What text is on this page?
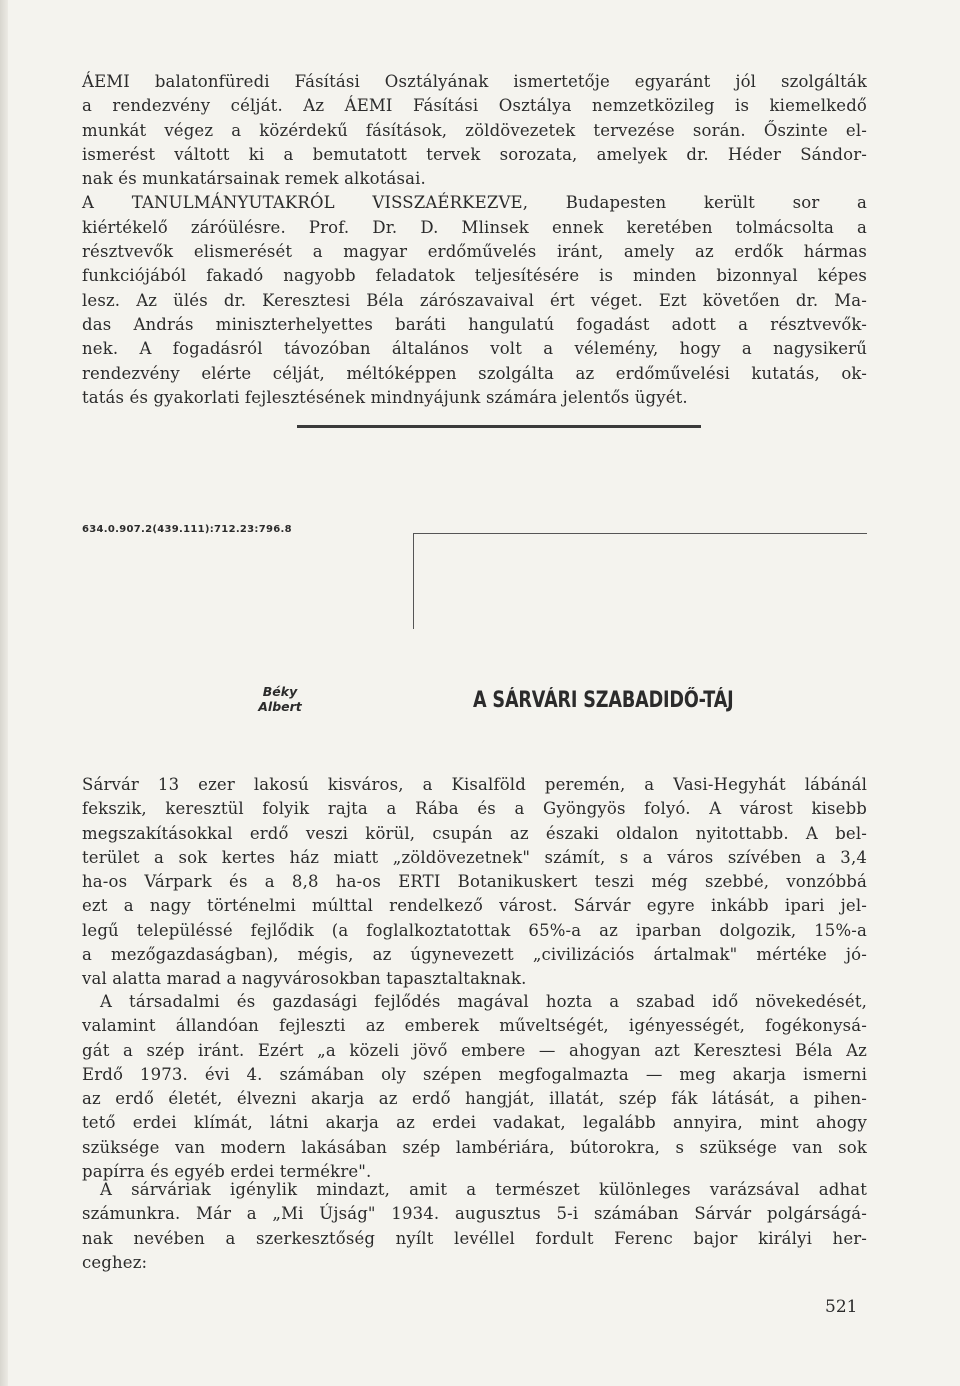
ÁEMI balatonfüredi Fásítási Osztályának ismertetője egyaránt jól szolgálták
a rendezvény célját. Az ÁEMI Fásítási Osztálya nemzetközileg is kiemelkedő
munkát végez a közérdekű fásítások, zöldövezetek tervezése során. Őszinte el-
ismerést váltott ki a bemutatott tervek sorozata, amelyek dr. Héder Sándor-
nak és munkatársainak remek alkotásai.
A TANULMÁNYUTAKRÓL VISSZAÉRKEZVE, Budapesten került sor a
kiértékelő záróülésre. Prof. Dr. D. Mlinsek ennek keretében tolmácsolta a
résztvevők elismerését a magyar erdőművelés iránt, amely az erdők hármas
funkciójából fakadó nagyobb feladatok teljesítésére is minden bizonnyal képes
lesz. Az ülés dr. Keresztesi Béla zárószavaival ért véget. Ezt követően dr. Ma-
das András miniszterhelyettes baráti hangulatú fogadást adott a résztvevők-
nek. A fogadásról távozóban általános volt a vélemény, hogy a nagysikerű
rendezvény elérte célját, méltóképpen szolgálta az erdőművelési kutatás, ok-
tatás és gyakorlati fejlesztésének mindnyájunk számára jelentős ügyét.
634.0.907.2(439.111):712.23:796.8
Béky
Albert	A SÁRVÁRI SZABADIDŐ-TÁJ
Sárvár 13 ezer lakosú kisváros, a Kisalföld peremén, a Vasi-Hegyhát lábánál
fekszik, keresztül folyik rajta a Rába és a Gyöngyös folyó. A várost kisebb
megszakításokkal erdő veszi körül, csupán az északi oldalon nyitottabb. A bel-
terület a sok kertes ház miatt „zöldövezetnek" számít, s a város szívében a 3,4
ha-os Várpark és a 8,8 ha-os ERTI Botanikuskert teszi még szebbé, vonzóbbá
ezt a nagy történelmi múlttal rendelkező várost. Sárvár egyre inkább ipari jel-
legű településsé fejlődik (a foglalkoztatottak 65%-a az iparban dolgozik, 15%-a
a mezőgazdaságban), mégis, az úgynevezett „civilizációs ártalmak" mértéke jó-
val alatta marad a nagyvárosokban tapasztaltaknak.
A társadalmi és gazdasági fejlődés magával hozta a szabad idő növekedését,
valamint állandóan fejleszti az emberek műveltségét, igényességét, fogékonysá-
gát a szép iránt. Ezért „a közeli jövő embere — ahogyan azt Keresztesi Béla Az
Erdő 1973. évi 4. számában oly szépen megfogalmazta — meg akarja ismerni
az erdő életét, élvezni akarja az erdő hangját, illatát, szép fák látását, a pihen-
tető erdei klímát, látni akarja az erdei vadakat, legalább annyira, mint ahogy
szüksége van modern lakásában szép lambériára, bútorokra, s szüksége van sok
papírra és egyéb erdei termékre".
A sárváriak igénylik mindazt, amit a természet különleges varázsával adhat
számunkra. Már a „Mi Újság" 1934. augusztus 5-i számában Sárvár polgárságá-
nak nevében a szerkesztőség nyílt levéllel fordult Ferenc bajor királyi her-
ceghez:
521
